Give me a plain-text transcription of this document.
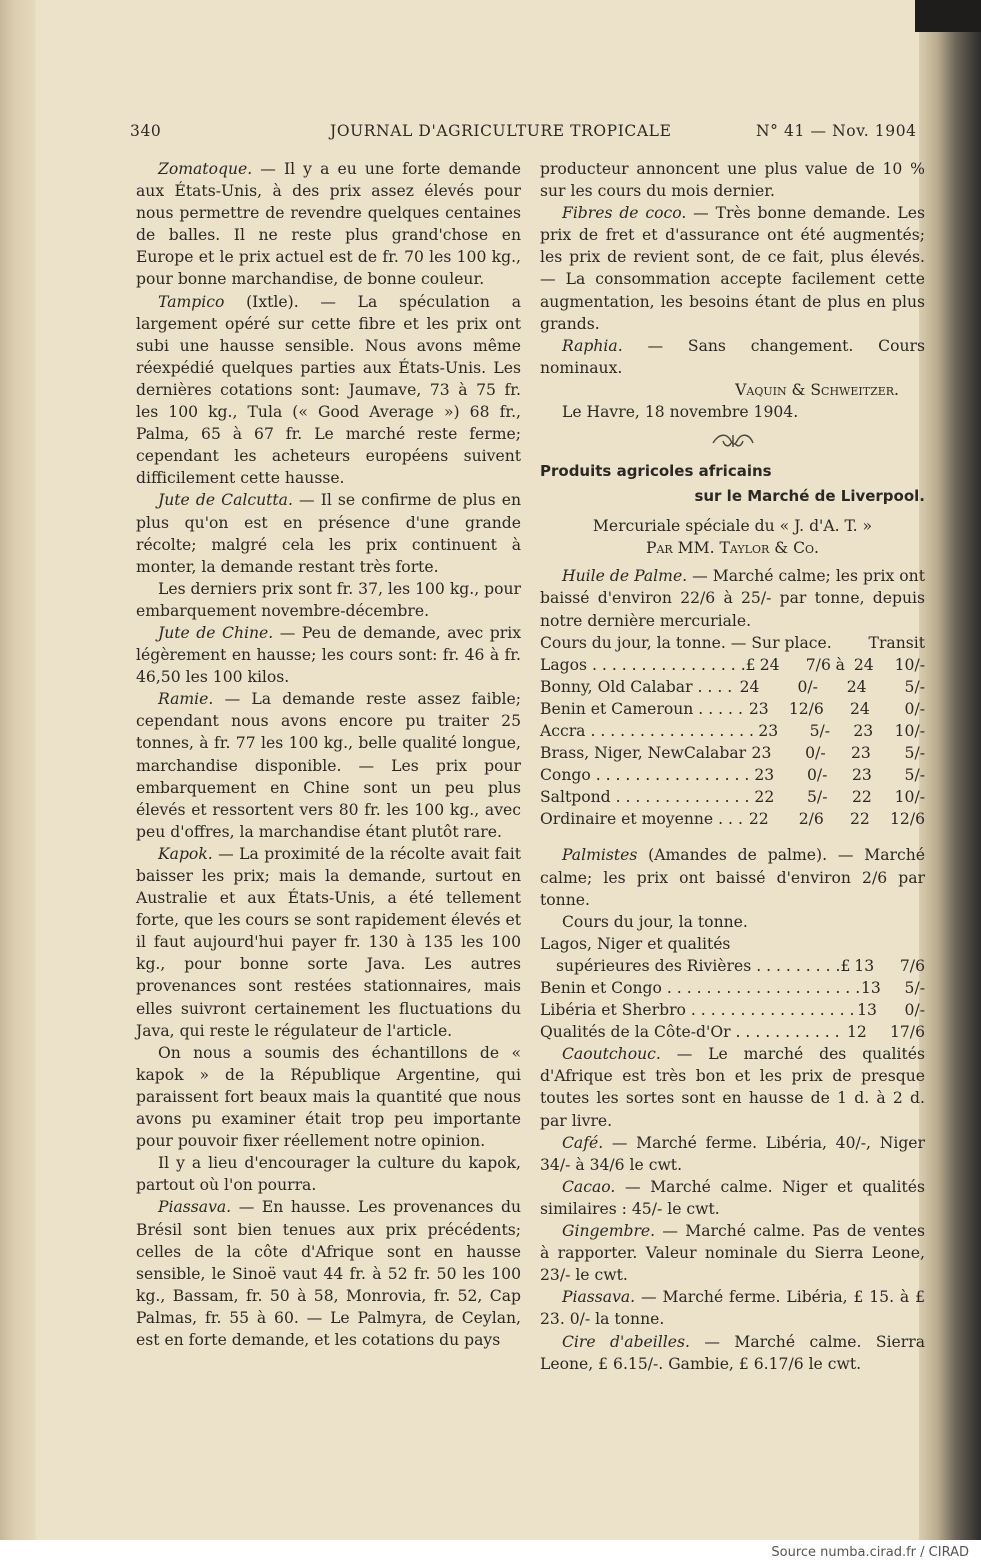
340	JOURNAL D'AGRICULTURE TROPICALE	N° 41 — Nov. 1904

Zomatoque. — Il y a eu une forte demande aux États-Unis, à des prix assez élevés pour nous permettre de revendre quelques centaines de balles. Il ne reste plus grand'chose en Europe et le prix actuel est de fr. 70 les 100 kg., pour bonne marchandise, de bonne couleur.

Tampico (Ixtle). — La spéculation a largement opéré sur cette fibre et les prix ont subi une hausse sensible. Nous avons même réexpédié quelques parties aux États-Unis. Les dernières cotations sont: Jaumave, 73 à 75 fr. les 100 kg., Tula (« Good Average ») 68 fr., Palma, 65 à 67 fr. Le marché reste ferme; cependant les acheteurs européens suivent difficilement cette hausse.

Jute de Calcutta. — Il se confirme de plus en plus qu'on est en présence d'une grande récolte; malgré cela les prix continuent à monter, la demande restant très forte.

Les derniers prix sont fr. 37, les 100 kg., pour embarquement novembre-décembre.

Jute de Chine. — Peu de demande, avec prix légèrement en hausse; les cours sont: fr. 46 à fr. 46,50 les 100 kilos.

Ramie. — La demande reste assez faible; cependant nous avons encore pu traiter 25 tonnes, à fr. 77 les 100 kg., belle qualité longue, marchandise disponible. — Les prix pour embarquement en Chine sont un peu plus élevés et ressortent vers 80 fr. les 100 kg., avec peu d'offres, la marchandise étant plutôt rare.

Kapok. — La proximité de la récolte avait fait baisser les prix; mais la demande, surtout en Australie et aux États-Unis, a été tellement forte, que les cours se sont rapidement élevés et il faut aujourd'hui payer fr. 130 à 135 les 100 kg., pour bonne sorte Java. Les autres provenances sont restées stationnaires, mais elles suivront certainement les fluctuations du Java, qui reste le régulateur de l'article.

On nous a soumis des échantillons de « kapok » de la République Argentine, qui paraissent fort beaux mais la quantité que nous avons pu examiner était trop peu importante pour pouvoir fixer réellement notre opinion.

Il y a lieu d'encourager la culture du kapok, partout où l'on pourra.

Piassava. — En hausse. Les provenances du Brésil sont bien tenues aux prix précédents; celles de la côte d'Afrique sont en hausse sensible, le Sinoë vaut 44 fr. à 52 fr. 50 les 100 kg., Bassam, fr. 50 à 58, Monrovia, fr. 52, Cap Palmas, fr. 55 à 60. — Le Palmyra, de Ceylan, est en forte demande, et les cotations du pays

producteur annoncent une plus value de 10 % sur les cours du mois dernier.

Fibres de coco. — Très bonne demande. Les prix de fret et d'assurance ont été augmentés; les prix de revient sont, de ce fait, plus élevés. — La consommation accepte facilement cette augmentation, les besoins étant de plus en plus grands.

Raphia. — Sans changement. Cours nominaux.

Vaquin & Schweitzer.

Le Havre, 18 novembre 1904.

Produits agricoles africains

sur le Marché de Liverpool.

Mercuriale spéciale du « J. d'A. T. »

Par MM. Taylor & Co.

Huile de Palme. — Marché calme; les prix ont baissé d'environ 22/6 à 25/- par tonne, depuis notre dernière mercuriale.

Cours du jour, la tonne. — Sur place.	Transit
Lagos . . . . . . . . . . . . . . . . £ 24	7/6 à 24	10/-
Bonny, Old Calabar . . . . 24	0/-	24	5/-
Benin et Cameroun . . . . . 23	12/6	24	0/-
Accra . . . . . . . . . . . . . . . . . 23	5/- 23	10/-
Brass, Niger, NewCalabar 23	0/-	23	5/-
Congo . . . . . . . . . . . . . . . . 23	0/-	23	5/-
Saltpond . . . . . . . . . . . . . . 22	5/-	22	10/-
Ordinaire et moyenne . . . 22	2/6	22	12/6

Palmistes (Amandes de palme). — Marché calme; les prix ont baissé d'environ 2/6 par tonne.

Cours du jour, la tonne.

Lagos, Niger et qualités

supérieures des Rivières . . . . . . . . . £ 13	7/6
Benin et Congo . . . . . . . . . . . . . . . . . . . . 13	5/-
Libéria et Sherbro . . . . . . . . . . . . . . . . . 13	0/-
Qualités de la Côte-d'Or . . . . . . . . . . . 12	17/6

Caoutchouc. — Le marché des qualités d'Afrique est très bon et les prix de presque toutes les sortes sont en hausse de 1 d. à 2 d. par livre.

Café. — Marché ferme. Libéria, 40/-, Niger 34/- à 34/6 le cwt.

Cacao. — Marché calme. Niger et qualités similaires : 45/- le cwt.

Gingembre. — Marché calme. Pas de ventes à rapporter. Valeur nominale du Sierra Leone, 23/- le cwt.

Piassava. — Marché ferme. Libéria, £ 15. à £ 23. 0/- la tonne.

Cire d'abeilles. — Marché calme. Sierra Leone, £ 6.15/-. Gambie, £ 6.17/6 le cwt.

Source numba.cirad.fr / CIRAD
